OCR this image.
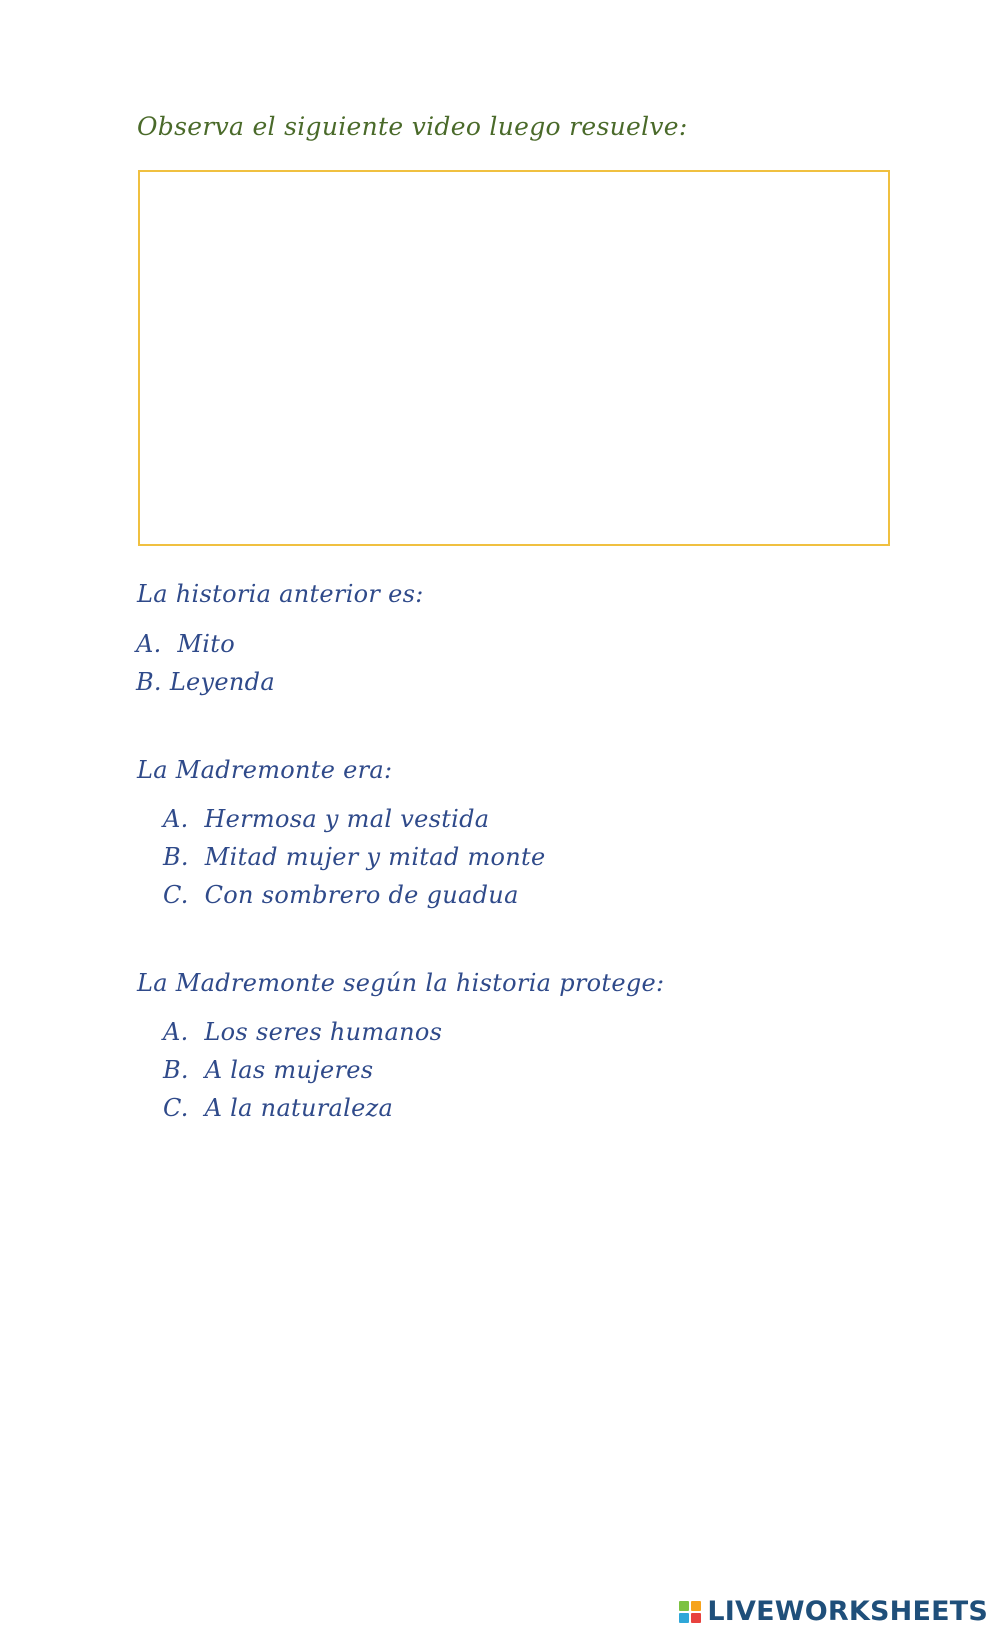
Observa el siguiente video luego resuelve:
La historia anterior es:
A. Mito
B. Leyenda
La Madremonte era:
A. Hermosa y mal vestida
B. Mitad mujer y mitad monte
C. Con sombrero de guadua
La Madremonte según la historia protege:
A. Los seres humanos
B. A las mujeres
C. A la naturaleza
LIVEWORKSHEETS
